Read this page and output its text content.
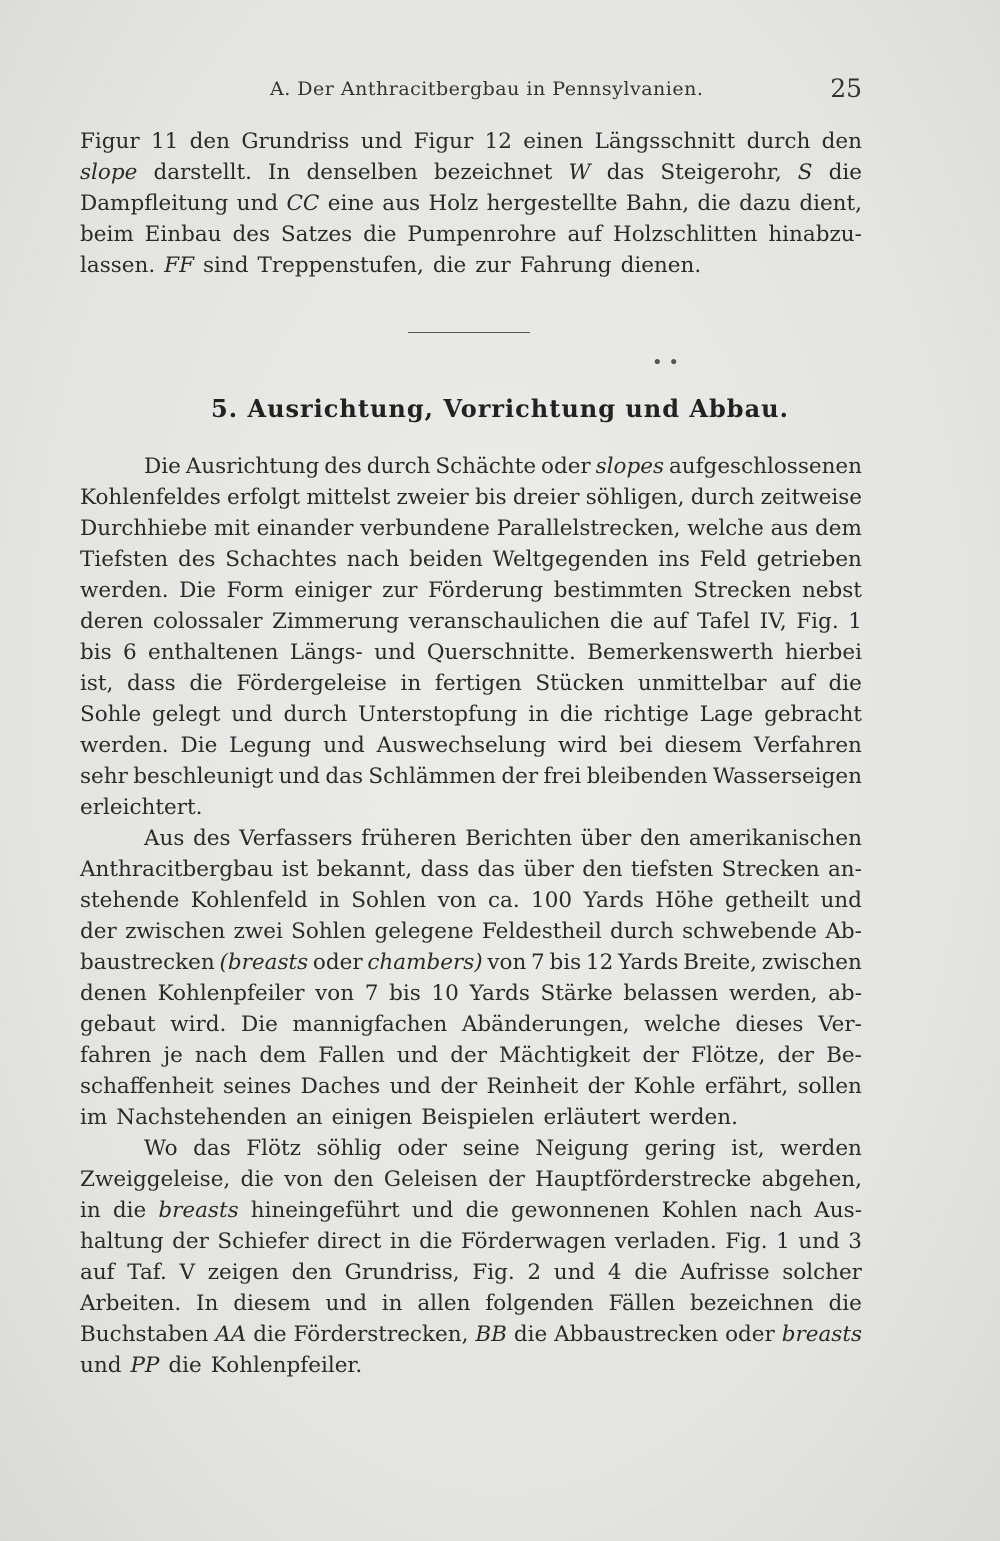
A. Der Anthracitbergbau in Pennsylvanien.	25
Figur 11 den Grundriss und Figur 12 einen Längsschnitt durch den
slope darstellt. In denselben bezeichnet W das Steigerohr, S die
Dampfleitung und CC eine aus Holz hergestellte Bahn, die dazu dient,
beim Einbau des Satzes die Pumpenrohre auf Holzschlitten hinabzu-
lassen. FF sind Treppenstufen, die zur Fahrung dienen.
• •
5. Ausrichtung, Vorrichtung und Abbau.
Die Ausrichtung des durch Schächte oder slopes aufgeschlossenen
Kohlenfeldes erfolgt mittelst zweier bis dreier söhligen, durch zeitweise
Durchhiebe mit einander verbundene Parallelstrecken, welche aus dem
Tiefsten des Schachtes nach beiden Weltgegenden ins Feld getrieben
werden. Die Form einiger zur Förderung bestimmten Strecken nebst
deren colossaler Zimmerung veranschaulichen die auf Tafel IV, Fig. 1
bis 6 enthaltenen Längs- und Querschnitte. Bemerkenswerth hierbei
ist, dass die Fördergeleise in fertigen Stücken unmittelbar auf die
Sohle gelegt und durch Unterstopfung in die richtige Lage gebracht
werden. Die Legung und Auswechselung wird bei diesem Verfahren
sehr beschleunigt und das Schlämmen der frei bleibenden Wasserseigen
erleichtert.
Aus des Verfassers früheren Berichten über den amerikanischen
Anthracitbergbau ist bekannt, dass das über den tiefsten Strecken an-
stehende Kohlenfeld in Sohlen von ca. 100 Yards Höhe getheilt und
der zwischen zwei Sohlen gelegene Feldestheil durch schwebende Ab-
baustrecken (breasts oder chambers) von 7 bis 12 Yards Breite, zwischen
denen Kohlenpfeiler von 7 bis 10 Yards Stärke belassen werden, ab-
gebaut wird. Die mannigfachen Abänderungen, welche dieses Ver-
fahren je nach dem Fallen und der Mächtigkeit der Flötze, der Be-
schaffenheit seines Daches und der Reinheit der Kohle erfährt, sollen
im Nachstehenden an einigen Beispielen erläutert werden.
Wo das Flötz söhlig oder seine Neigung gering ist, werden
Zweiggeleise, die von den Geleisen der Hauptförderstrecke abgehen,
in die breasts hineingeführt und die gewonnenen Kohlen nach Aus-
haltung der Schiefer direct in die Förderwagen verladen. Fig. 1 und 3
auf Taf. V zeigen den Grundriss, Fig. 2 und 4 die Aufrisse solcher
Arbeiten. In diesem und in allen folgenden Fällen bezeichnen die
Buchstaben AA die Förderstrecken, BB die Abbaustrecken oder breasts
und PP die Kohlenpfeiler.
